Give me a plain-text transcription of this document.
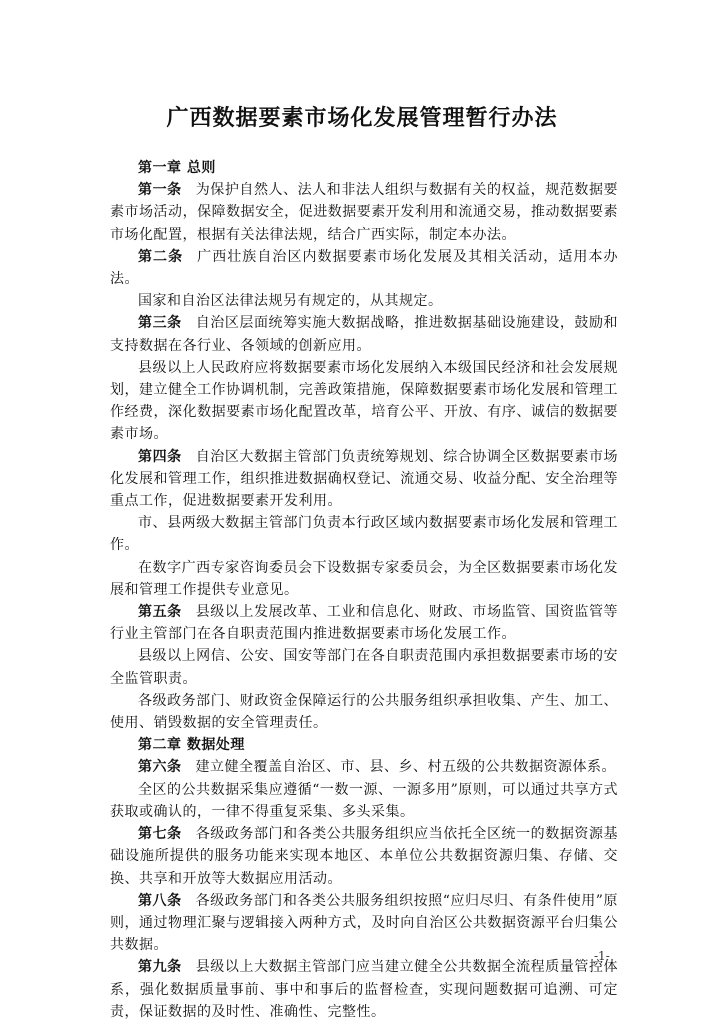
广西数据要素市场化发展管理暂行办法

第一章 总则

第一条 为保护自然人、法人和非法人组织与数据有关的权益，规范数据要素市场活动，保障数据安全，促进数据要素开发利用和流通交易，推动数据要素市场化配置，根据有关法律法规，结合广西实际，制定本办法。

第二条 广西壮族自治区内数据要素市场化发展及其相关活动，适用本办法。

国家和自治区法律法规另有规定的，从其规定。

第三条 自治区层面统筹实施大数据战略，推进数据基础设施建设，鼓励和支持数据在各行业、各领域的创新应用。

县级以上人民政府应将数据要素市场化发展纳入本级国民经济和社会发展规划，建立健全工作协调机制，完善政策措施，保障数据要素市场化发展和管理工作经费，深化数据要素市场化配置改革，培育公平、开放、有序、诚信的数据要素市场。

第四条 自治区大数据主管部门负责统筹规划、综合协调全区数据要素市场化发展和管理工作，组织推进数据确权登记、流通交易、收益分配、安全治理等重点工作，促进数据要素开发利用。

市、县两级大数据主管部门负责本行政区域内数据要素市场化发展和管理工作。

在数字广西专家咨询委员会下设数据专家委员会，为全区数据要素市场化发展和管理工作提供专业意见。

第五条 县级以上发展改革、工业和信息化、财政、市场监管、国资监管等行业主管部门在各自职责范围内推进数据要素市场化发展工作。

县级以上网信、公安、国安等部门在各自职责范围内承担数据要素市场的安全监管职责。

各级政务部门、财政资金保障运行的公共服务组织承担收集、产生、加工、使用、销毁数据的安全管理责任。

第二章 数据处理

第六条 建立健全覆盖自治区、市、县、乡、村五级的公共数据资源体系。

全区的公共数据采集应遵循“一数一源、一源多用”原则，可以通过共享方式获取或确认的，一律不得重复采集、多头采集。

第七条 各级政务部门和各类公共服务组织应当依托全区统一的数据资源基础设施所提供的服务功能来实现本地区、本单位公共数据资源归集、存储、交换、共享和开放等大数据应用活动。

第八条 各级政务部门和各类公共服务组织按照“应归尽归、有条件使用”原则，通过物理汇聚与逻辑接入两种方式，及时向自治区公共数据资源平台归集公共数据。

第九条 县级以上大数据主管部门应当建立健全公共数据全流程质量管控体系，强化数据质量事前、事中和事后的监督检查，实现问题数据可追溯、可定责，保证数据的及时性、准确性、完整性。

-1-
